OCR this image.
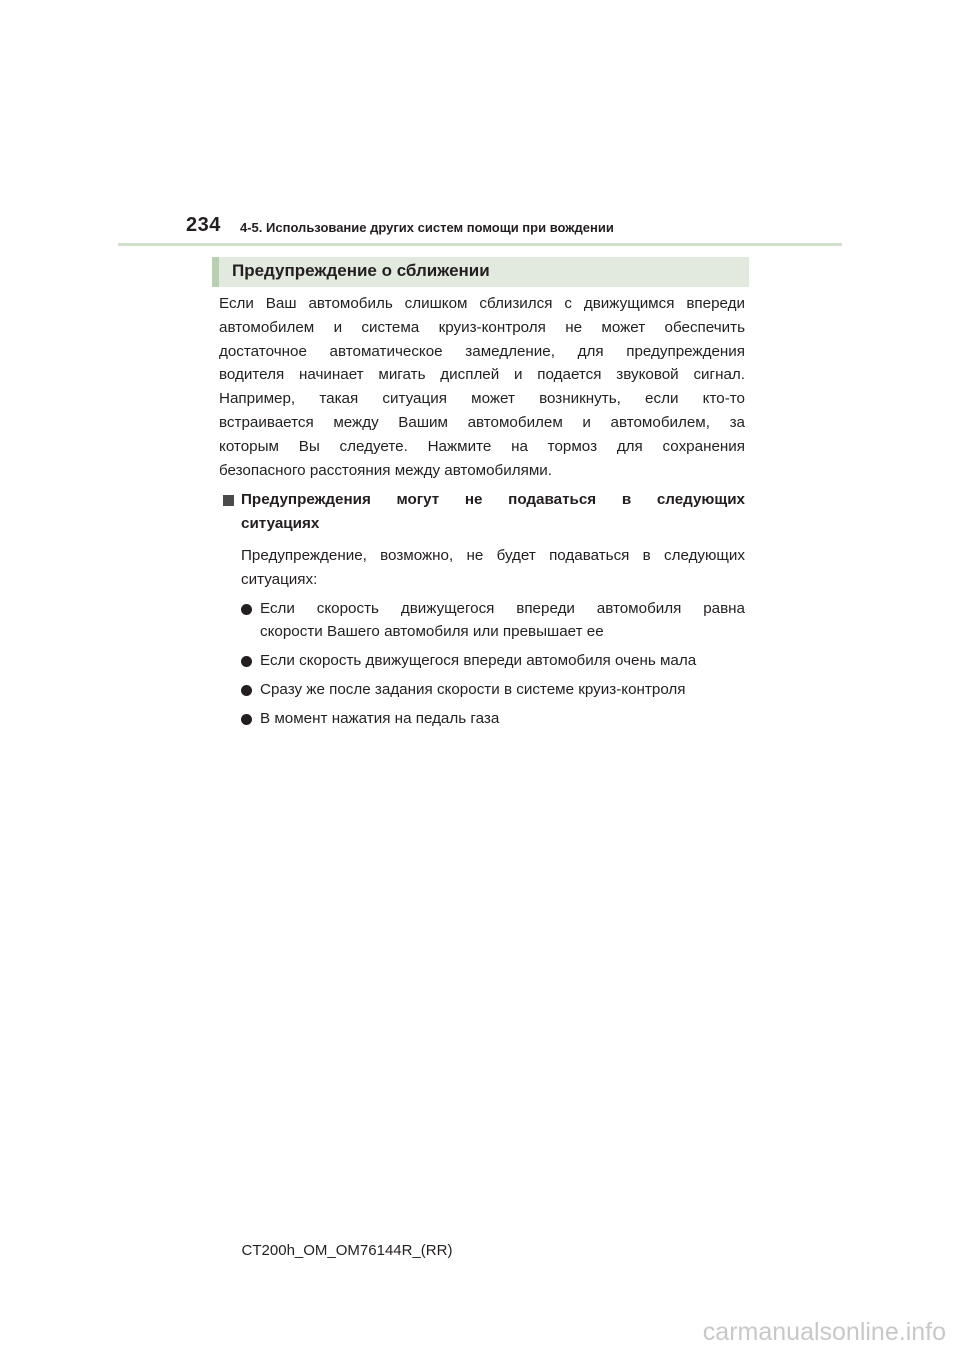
234 4-5. Использование других систем помощи при вождении
Предупреждение о сближении

Если Ваш автомобиль слишком сблизился с движущимся впереди

автомобилем и система круиз-контроля не может обеспечить

достаточное автоматическое замедление, для предупреждения

водителя начинает мигать дисплей и подается звуковой сигнал.

Например, такая ситуация может возникнуть, если кто-то

встраивается между Вашим автомобилем и автомобилем, за

которым Вы следуете. Нажмите на тормоз для сохранения

безопасного расстояния между автомобилями.

Предупреждения могут не подаваться в следующих

ситуациях

Предупреждение, возможно, не будет подаваться в следующих

ситуациях:

Если скорость движущегося впереди автомобиля равна

скорости Вашего автомобиля или превышает ее

Если скорость движущегося впереди автомобиля очень мала

Сразу же после задания скорости в системе круиз-контроля

В момент нажатия на педаль газа

CT200h_OM_OM76144R_(RR)
carmanualsonline.info
